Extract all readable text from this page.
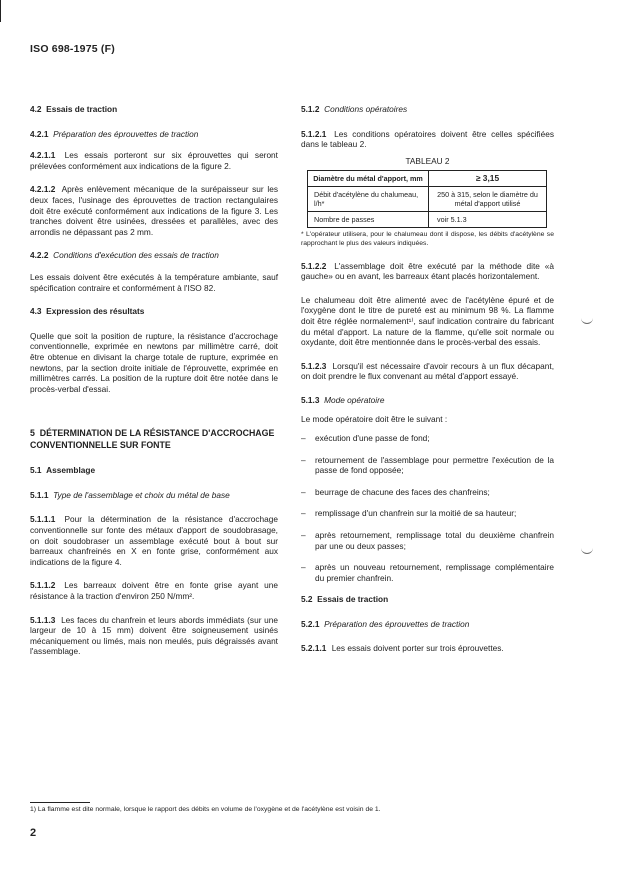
ISO 698-1975 (F)
4.2 Essais de traction
4.2.1 Préparation des éprouvettes de traction
4.2.1.1 Les essais porteront sur six éprouvettes qui seront prélevées conformément aux indications de la figure 2.
4.2.1.2 Après enlèvement mécanique de la surépaisseur sur les deux faces, l'usinage des éprouvettes de traction rectangulaires doit être exécuté conformément aux indications de la figure 3. Les tranches doivent être usinées, dressées et parallèles, avec des arrondis ne dépassant pas 2 mm.
4.2.2 Conditions d'exécution des essais de traction
Les essais doivent être exécutés à la température ambiante, sauf spécification contraire et conformément à l'ISO 82.
4.3 Expression des résultats
Quelle que soit la position de rupture, la résistance d'accrochage conventionnelle, exprimée en newtons par millimètre carré, doit être obtenue en divisant la charge totale de rupture, exprimée en newtons, par la section droite initiale de l'éprouvette, exprimée en millimètres carrés. La position de la rupture doit être notée dans le procès-verbal d'essai.
5 DÉTERMINATION DE LA RÉSISTANCE D'ACCROCHAGE CONVENTIONNELLE SUR FONTE
5.1 Assemblage
5.1.1 Type de l'assemblage et choix du métal de base
5.1.1.1 Pour la détermination de la résistance d'accrochage conventionnelle sur fonte des métaux d'apport de soudobrasage, on doit soudobraser un assemblage exécuté bout à bout sur barreaux chanfreinés en X en fonte grise, conformément aux indications de la figure 4.
5.1.1.2 Les barreaux doivent être en fonte grise ayant une résistance à la traction d'environ 250 N/mm².
5.1.1.3 Les faces du chanfrein et leurs abords immédiats (sur une largeur de 10 à 15 mm) doivent être soigneusement usinés mécaniquement ou limés, mais non meulés, puis dégraissés avant l'assemblage.
5.1.2 Conditions opératoires
5.1.2.1 Les conditions opératoires doivent être celles spécifiées dans le tableau 2.
TABLEAU 2
Diamètre du métal d'apport, mm	≥ 3,15
Débit d'acétylène du chalumeau, l/h*	250 à 315, selon le diamètre du métal d'apport utilisé
Nombre de passes	voir 5.1.3
* L'opérateur utilisera, pour le chalumeau dont il dispose, les débits d'acétylène se rapprochant le plus des valeurs indiquées.
5.1.2.2 L'assemblage doit être exécuté par la méthode dite «à gauche» ou en avant, les barreaux étant placés horizontalement.
Le chalumeau doit être alimenté avec de l'acétylène épuré et de l'oxygène dont le titre de pureté est au minimum 98 %. La flamme doit être réglée normalement¹⁾, sauf indication contraire du fabricant du métal d'apport. La nature de la flamme, qu'elle soit normale ou oxydante, doit être mentionnée dans le procès-verbal des essais.
5.1.2.3 Lorsqu'il est nécessaire d'avoir recours à un flux décapant, on doit prendre le flux convenant au métal d'apport essayé.
5.1.3 Mode opératoire
Le mode opératoire doit être le suivant :
–	exécution d'une passe de fond;
–	retournement de l'assemblage pour permettre l'exécution de la passe de fond opposée;
–	beurrage de chacune des faces des chanfreins;
–	remplissage d'un chanfrein sur la moitié de sa hauteur;
–	après retournement, remplissage total du deuxième chanfrein par une ou deux passes;
–	après un nouveau retournement, remplissage complémentaire du premier chanfrein.
5.2 Essais de traction
5.2.1 Préparation des éprouvettes de traction
5.2.1.1 Les essais doivent porter sur trois éprouvettes.
1) La flamme est dite normale, lorsque le rapport des débits en volume de l'oxygène et de l'acétylène est voisin de 1.
2
